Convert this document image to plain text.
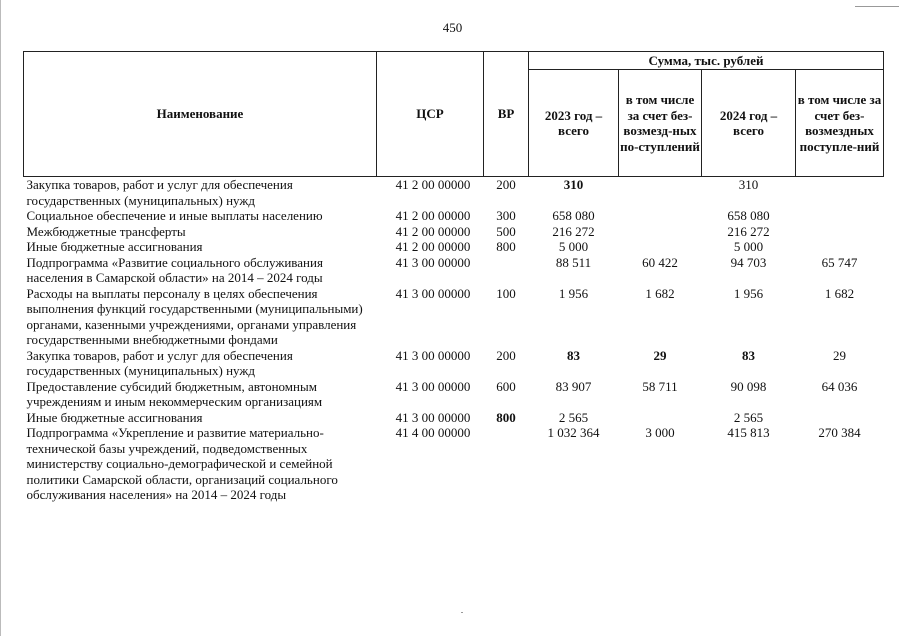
450
Наименование	ЦСР	ВР	Сумма, тыс. рублей			
			2023 год – всего	в том числе за счет без-возмезд-ных по-ступлений	2024 год – всего	в том числе за счет без-возмездных поступле-ний
Закупка товаров, работ и услуг для обеспечения государственных (муниципальных) нужд	41 2 00 00000	200	310		310	
Социальное обеспечение и иные выплаты населению	41 2 00 00000	300	658 080		658 080	
Межбюджетные трансферты	41 2 00 00000	500	216 272		216 272	
Иные бюджетные ассигнования	41 2 00 00000	800	5 000		5 000	
Подпрограмма «Развитие социального обслуживания населения в Самарской области» на 2014 – 2024 годы	41 3 00 00000		88 511	60 422	94 703	65 747
Расходы на выплаты персоналу в целях обеспечения выполнения функций государственными (муниципальными) органами, казенными учреждениями, органами управления государственными внебюджетными фондами	41 3 00 00000	100	1 956	1 682	1 956	1 682
Закупка товаров, работ и услуг для обеспечения государственных (муниципальных) нужд	41 3 00 00000	200	83	29	83	29
Предоставление субсидий бюджетным, автономным учреждениям и иным некоммерческим организациям	41 3 00 00000	600	83 907	58 711	90 098	64 036
Иные бюджетные ассигнования	41 3 00 00000	800	2 565		2 565	
Подпрограмма «Укрепление и развитие материально-технической базы учреждений, подведомственных министерству социально-демографической и семейной политики Самарской области, организаций социального обслуживания населения» на 2014 – 2024 годы	41 4 00 00000		1 032 364	3 000	415 813	270 384
